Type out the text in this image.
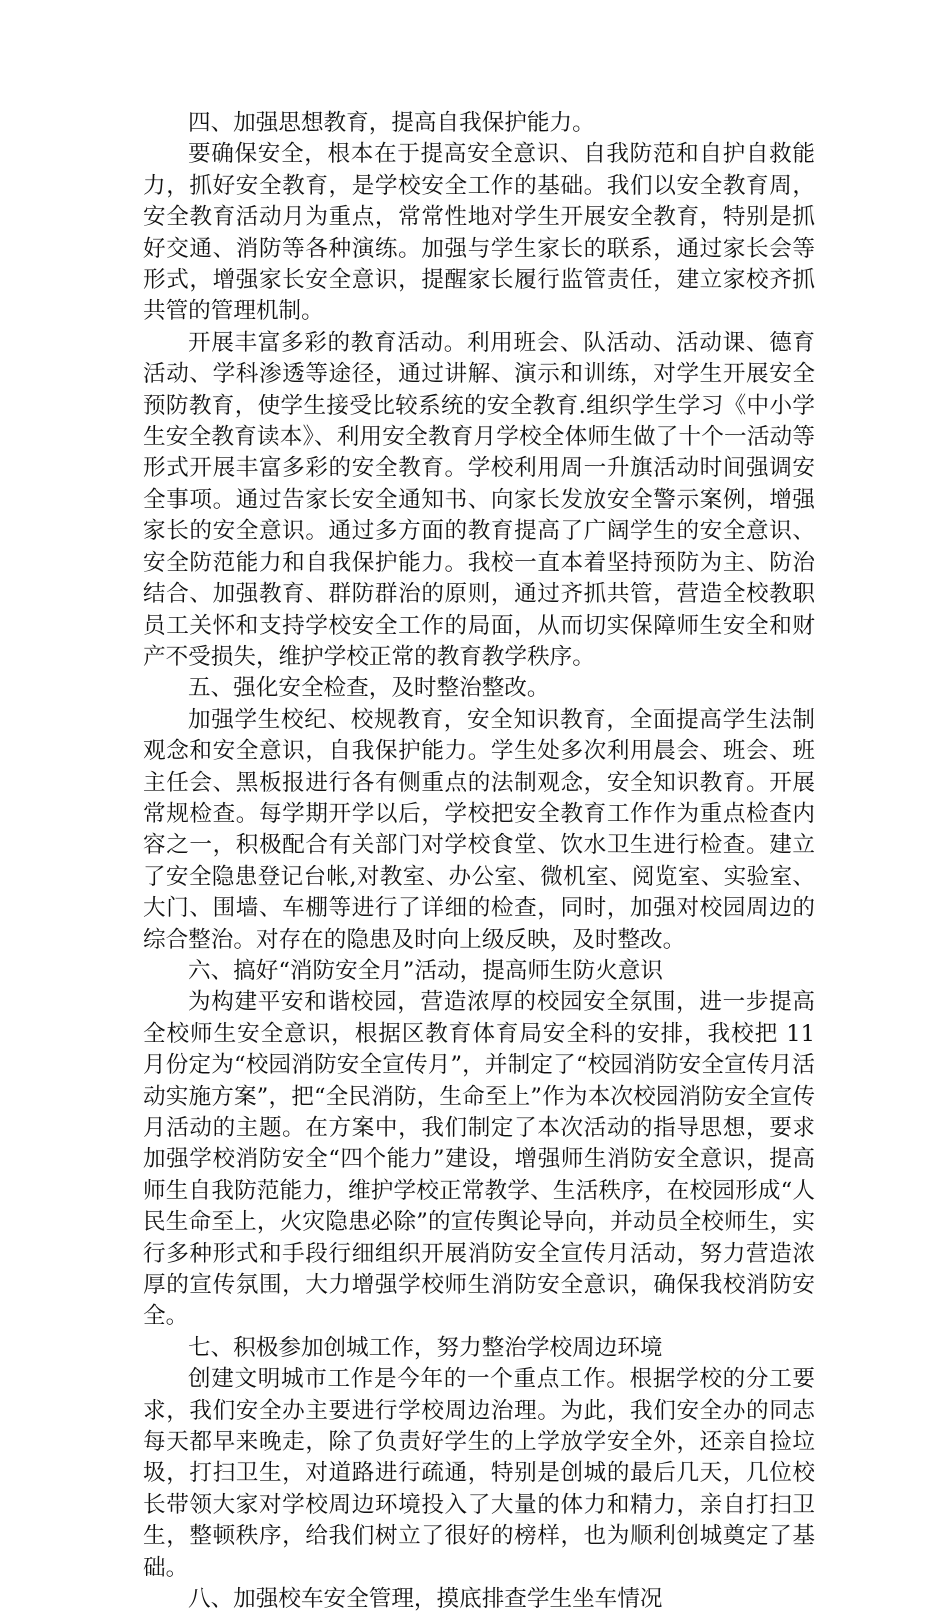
四、加强思想教育，提高自我保护能力。

要确保安全，根本在于提高安全意识、自我防范和自护自救能力，抓好安全教育，是学校安全工作的基础。我们以安全教育周，安全教育活动月为重点，常常性地对学生开展安全教育，特别是抓好交通、消防等各种演练。加强与学生家长的联系，通过家长会等形式，增强家长安全意识，提醒家长履行监管责任，建立家校齐抓共管的管理机制。

开展丰富多彩的教育活动。利用班会、队活动、活动课、德育活动、学科渗透等途径，通过讲解、演示和训练，对学生开展安全预防教育，使学生接受比较系统的安全教育.组织学生学习《中小学生安全教育读本》、利用安全教育月学校全体师生做了十个一活动等形式开展丰富多彩的安全教育。学校利用周一升旗活动时间强调安全事项。通过告家长安全通知书、向家长发放安全警示案例，增强家长的安全意识。通过多方面的教育提高了广阔学生的安全意识、安全防范能力和自我保护能力。我校一直本着坚持预防为主、防治结合、加强教育、群防群治的原则，通过齐抓共管，营造全校教职员工关怀和支持学校安全工作的局面，从而切实保障师生安全和财产不受损失，维护学校正常的教育教学秩序。

五、强化安全检查，及时整治整改。

加强学生校纪、校规教育，安全知识教育，全面提高学生法制观念和安全意识，自我保护能力。学生处多次利用晨会、班会、班主任会、黑板报进行各有侧重点的法制观念，安全知识教育。开展常规检查。每学期开学以后，学校把安全教育工作作为重点检查内容之一，积极配合有关部门对学校食堂、饮水卫生进行检查。建立了安全隐患登记台帐,对教室、办公室、微机室、阅览室、实验室、大门、围墙、车棚等进行了详细的检查，同时，加强对校园周边的综合整治。对存在的隐患及时向上级反映，及时整改。

六、搞好“消防安全月”活动，提高师生防火意识

为构建平安和谐校园，营造浓厚的校园安全氛围，进一步提高全校师生安全意识，根据区教育体育局安全科的安排，我校把 11 月份定为“校园消防安全宣传月”，并制定了“校园消防安全宣传月活动实施方案”，把“全民消防，生命至上”作为本次校园消防安全宣传月活动的主题。在方案中，我们制定了本次活动的指导思想，要求加强学校消防安全“四个能力”建设，增强师生消防安全意识，提高师生自我防范能力，维护学校正常教学、生活秩序，在校园形成“人民生命至上，火灾隐患必除”的宣传舆论导向，并动员全校师生，实行多种形式和手段行细组织开展消防安全宣传月活动，努力营造浓厚的宣传氛围，大力增强学校师生消防安全意识，确保我校消防安全。

七、积极参加创城工作，努力整治学校周边环境

创建文明城市工作是今年的一个重点工作。根据学校的分工要求，我们安全办主要进行学校周边治理。为此，我们安全办的同志每天都早来晚走，除了负责好学生的上学放学安全外，还亲自捡垃圾，打扫卫生，对道路进行疏通，特别是创城的最后几天，几位校长带领大家对学校周边环境投入了大量的体力和精力，亲自打扫卫生，整顿秩序，给我们树立了很好的榜样，也为顺利创城奠定了基础。

八、加强校车安全管理，摸底排查学生坐车情况
